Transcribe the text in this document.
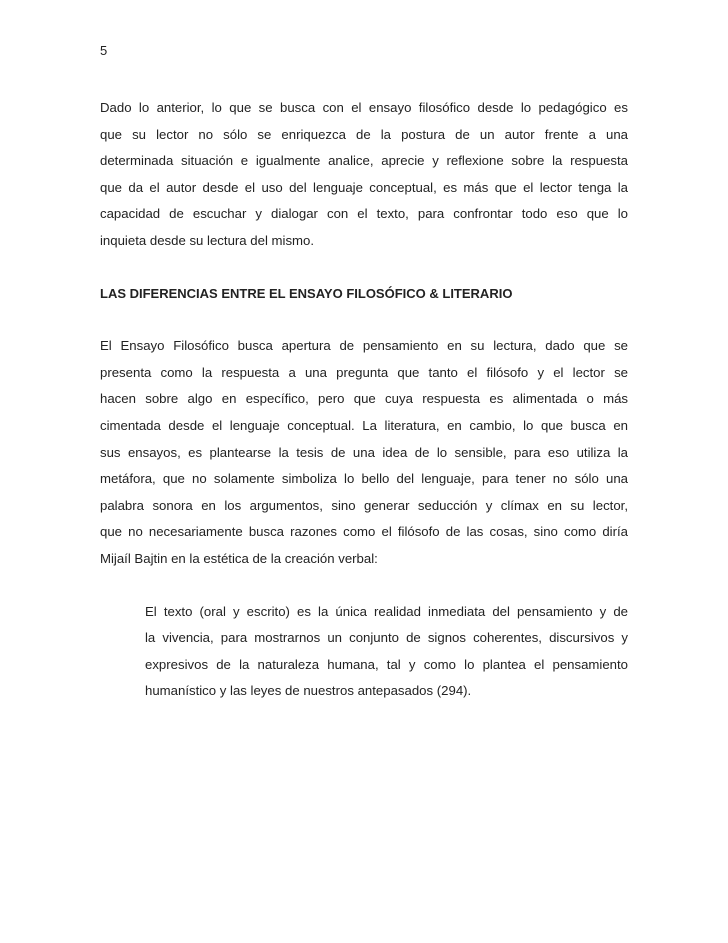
5

Dado lo anterior, lo que se busca con el ensayo filosófico desde lo pedagógico es
que su lector no sólo se enriquezca de la postura de un autor frente a una
determinada situación e igualmente analice, aprecie y reflexione sobre la respuesta
que da el autor desde el uso del lenguaje conceptual, es más que el lector tenga la
capacidad de escuchar y dialogar con el texto, para confrontar todo eso que lo
inquieta desde su lectura del mismo.

LAS DIFERENCIAS ENTRE EL ENSAYO FILOSÓFICO & LITERARIO

El Ensayo Filosófico busca apertura de pensamiento en su lectura, dado que se
presenta como la respuesta a una pregunta que tanto el filósofo y el lector se
hacen sobre algo en específico, pero que cuya respuesta es alimentada o más
cimentada desde el lenguaje conceptual. La literatura, en cambio, lo que busca en
sus ensayos, es plantearse la tesis de una idea de lo sensible, para eso utiliza la
metáfora, que no solamente simboliza lo bello del lenguaje, para tener no sólo una
palabra sonora en los argumentos, sino generar seducción y clímax en su lector,
que no necesariamente busca razones como el filósofo de las cosas, sino como diría
Mijaíl Bajtin en la estética de la creación verbal:

El texto (oral y escrito) es la única realidad inmediata del pensamiento y de
la vivencia, para mostrarnos un conjunto de signos coherentes, discursivos y
expresivos de la naturaleza humana, tal y como lo plantea el pensamiento
humanístico y las leyes de nuestros antepasados (294).
